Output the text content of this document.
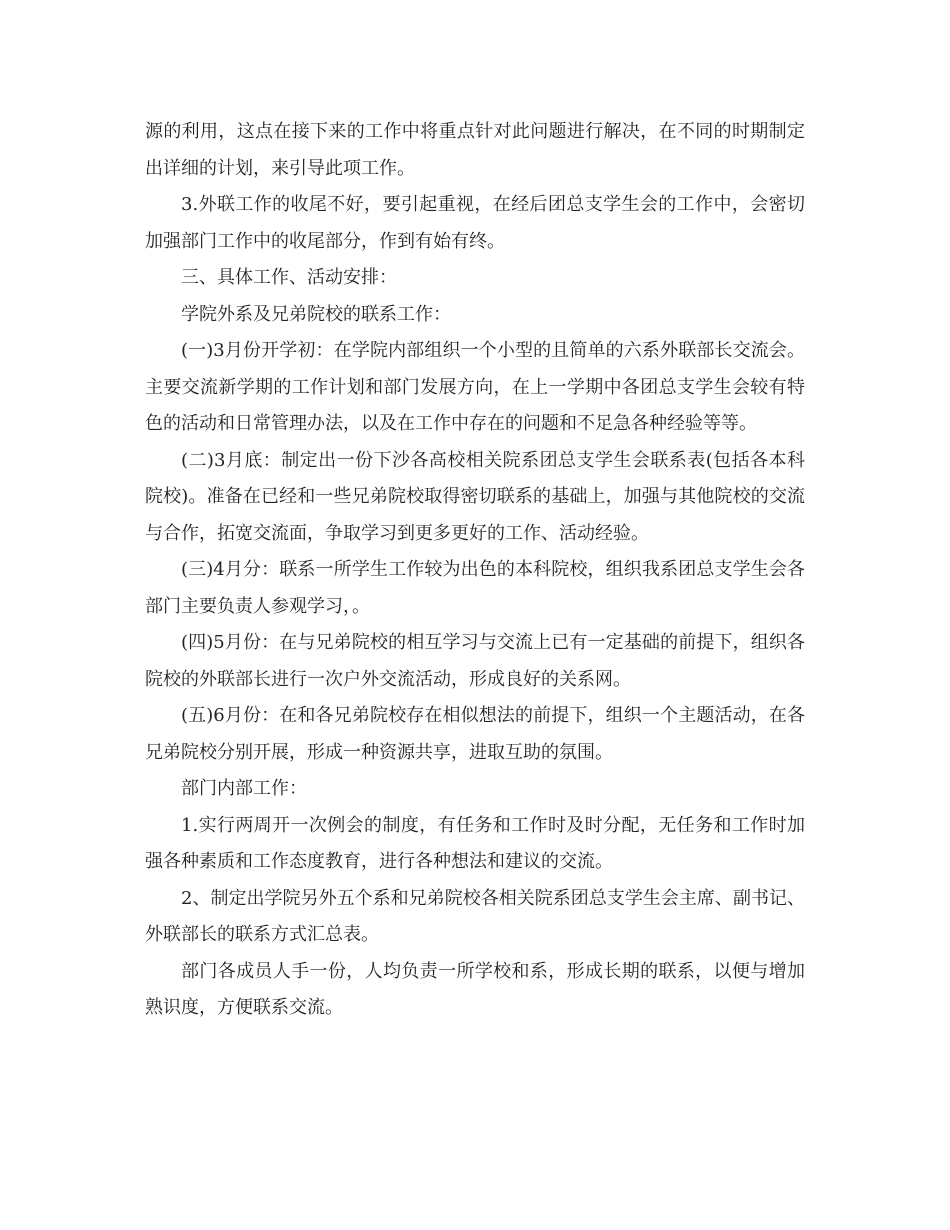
源的利用，这点在接下来的工作中将重点针对此问题进行解决，在不同的时期制定出详细的计划，来引导此项工作。

3.外联工作的收尾不好，要引起重视，在经后团总支学生会的工作中，会密切加强部门工作中的收尾部分，作到有始有终。

三、具体工作、活动安排：

学院外系及兄弟院校的联系工作：

(一)3月份开学初：在学院内部组织一个小型的且简单的六系外联部长交流会。主要交流新学期的工作计划和部门发展方向，在上一学期中各团总支学生会较有特色的活动和日常管理办法，以及在工作中存在的问题和不足急各种经验等等。

(二)3月底：制定出一份下沙各高校相关院系团总支学生会联系表(包括各本科院校)。准备在已经和一些兄弟院校取得密切联系的基础上，加强与其他院校的交流与合作，拓宽交流面，争取学习到更多更好的工作、活动经验。

(三)4月分：联系一所学生工作较为出色的本科院校，组织我系团总支学生会各部门主要负责人参观学习，。

(四)5月份：在与兄弟院校的相互学习与交流上已有一定基础的前提下，组织各院校的外联部长进行一次户外交流活动，形成良好的关系网。

(五)6月份：在和各兄弟院校存在相似想法的前提下，组织一个主题活动，在各兄弟院校分别开展，形成一种资源共享，进取互助的氛围。

部门内部工作：

1.实行两周开一次例会的制度，有任务和工作时及时分配，无任务和工作时加强各种素质和工作态度教育，进行各种想法和建议的交流。

2、制定出学院另外五个系和兄弟院校各相关院系团总支学生会主席、副书记、外联部长的联系方式汇总表。

部门各成员人手一份，人均负责一所学校和系，形成长期的联系，以便与增加熟识度，方便联系交流。
